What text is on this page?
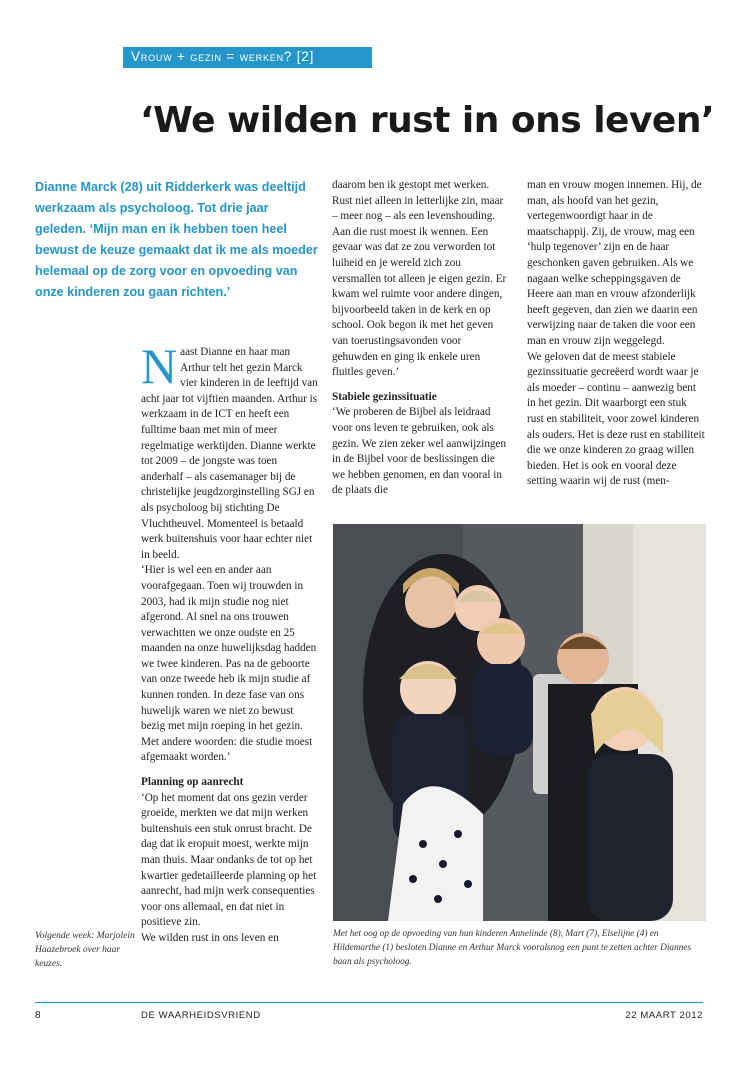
Vrouw + gezin = werken? [2]
‘We wilden rust in ons leven’
Dianne Marck (28) uit Ridderkerk was deeltijd werkzaam als psycholoog. Tot drie jaar geleden. ‘Mijn man en ik hebben toen heel bewust de keuze gemaakt dat ik me als moeder helemaal op de zorg voor en opvoeding van onze kinderen zou gaan richten.’

Naast Dianne en haar man Arthur telt het gezin Marck vier kinderen in de leeftijd van acht jaar tot vijftien maanden. Arthur is werkzaam in de ICT en heeft een fulltime baan met min of meer regelmatige werktijden. Dianne werkte tot 2009 – de jongste was toen anderhalf – als casemanager bij de christelijke jeugdzorginstelling SGJ en als psycholoog bij stichting De Vluchtheuvel. Momenteel is betaald werk buitenshuis voor haar echter niet in beeld.

‘Hier is wel een en ander aan voorafgegaan. Toen wij trouwden in 2003, had ik mijn studie nog niet afgerond. Al snel na ons trouwen verwachtten we onze oudste en 25 maanden na onze huwelijksdag hadden we twee kinderen. Pas na de geboorte van onze tweede heb ik mijn studie af kunnen ronden. In deze fase van ons huwelijk waren we niet zo bewust bezig met mijn roeping in het gezin. Met andere woorden: die studie moest afgemaakt worden.’

Planning op aanrecht

‘Op het moment dat ons gezin verder groeide, merkten we dat mijn werken buitenshuis een stuk onrust bracht. De dag dat ik eropuit moest, werkte mijn man thuis. Maar ondanks de tot op het kwartier gedetailleerde planning op het aanrecht, had mijn werk consequenties voor ons allemaal, en dat niet in positieve zin.

We wilden rust in ons leven en

daarom ben ik gestopt met werken. Rust niet alleen in letterlijke zin, maar – meer nog – als een levenshouding. Aan die rust moest ik wennen. Een gevaar was dat ze zou verworden tot luiheid en je wereld zich zou versmallen tot alleen je eigen gezin. Er kwam wel ruimte voor andere dingen, bijvoorbeeld taken in de kerk en op school. Ook begon ik met het geven van toerustingsavonden voor gehuwden en ging ik enkele uren fluitles geven.’

Stabiele gezinssituatie

‘We proberen de Bijbel als leidraad voor ons leven te gebruiken, ook als gezin. We zien zeker wel aanwijzingen in de Bijbel voor de beslissingen die we hebben genomen, en dan vooral in de plaats die

man en vrouw mogen innemen. Hij, de man, als hoofd van het gezin, vertegenwoordigt haar in de maatschappij. Zij, de vrouw, mag een ‘hulp tegenover’ zijn en de haar geschonken gaven gebruiken. Als we nagaan welke scheppingsgaven de Heere aan man en vrouw afzonderlijk heeft gegeven, dan zien we daarin een verwijzing naar de taken die voor een man en vrouw zijn weggelegd.

We geloven dat de meest stabiele gezinssituatie gecreëerd wordt waar je als moeder – continu – aanwezig bent in het gezin. Dit waarborgt een stuk rust en stabiliteit, voor zowel kinderen als ouders. Het is deze rust en stabiliteit die we onze kinderen zo graag willen bieden. Het is ook en vooral deze setting waarin wij de rust (men-

Volgende week: Marjolein Haazebroek over haar keuzes.
Met het oog op de opvoeding van hun kinderen Annelinde (8), Mart (7), Elselijne (4) en Hildemarthe (1) besloten Dianne en Arthur Marck vooralsnog een punt te zetten achter Diannes baan als psycholoog.
8	DE WAARHEIDSVRIEND	22 MAART 2012
